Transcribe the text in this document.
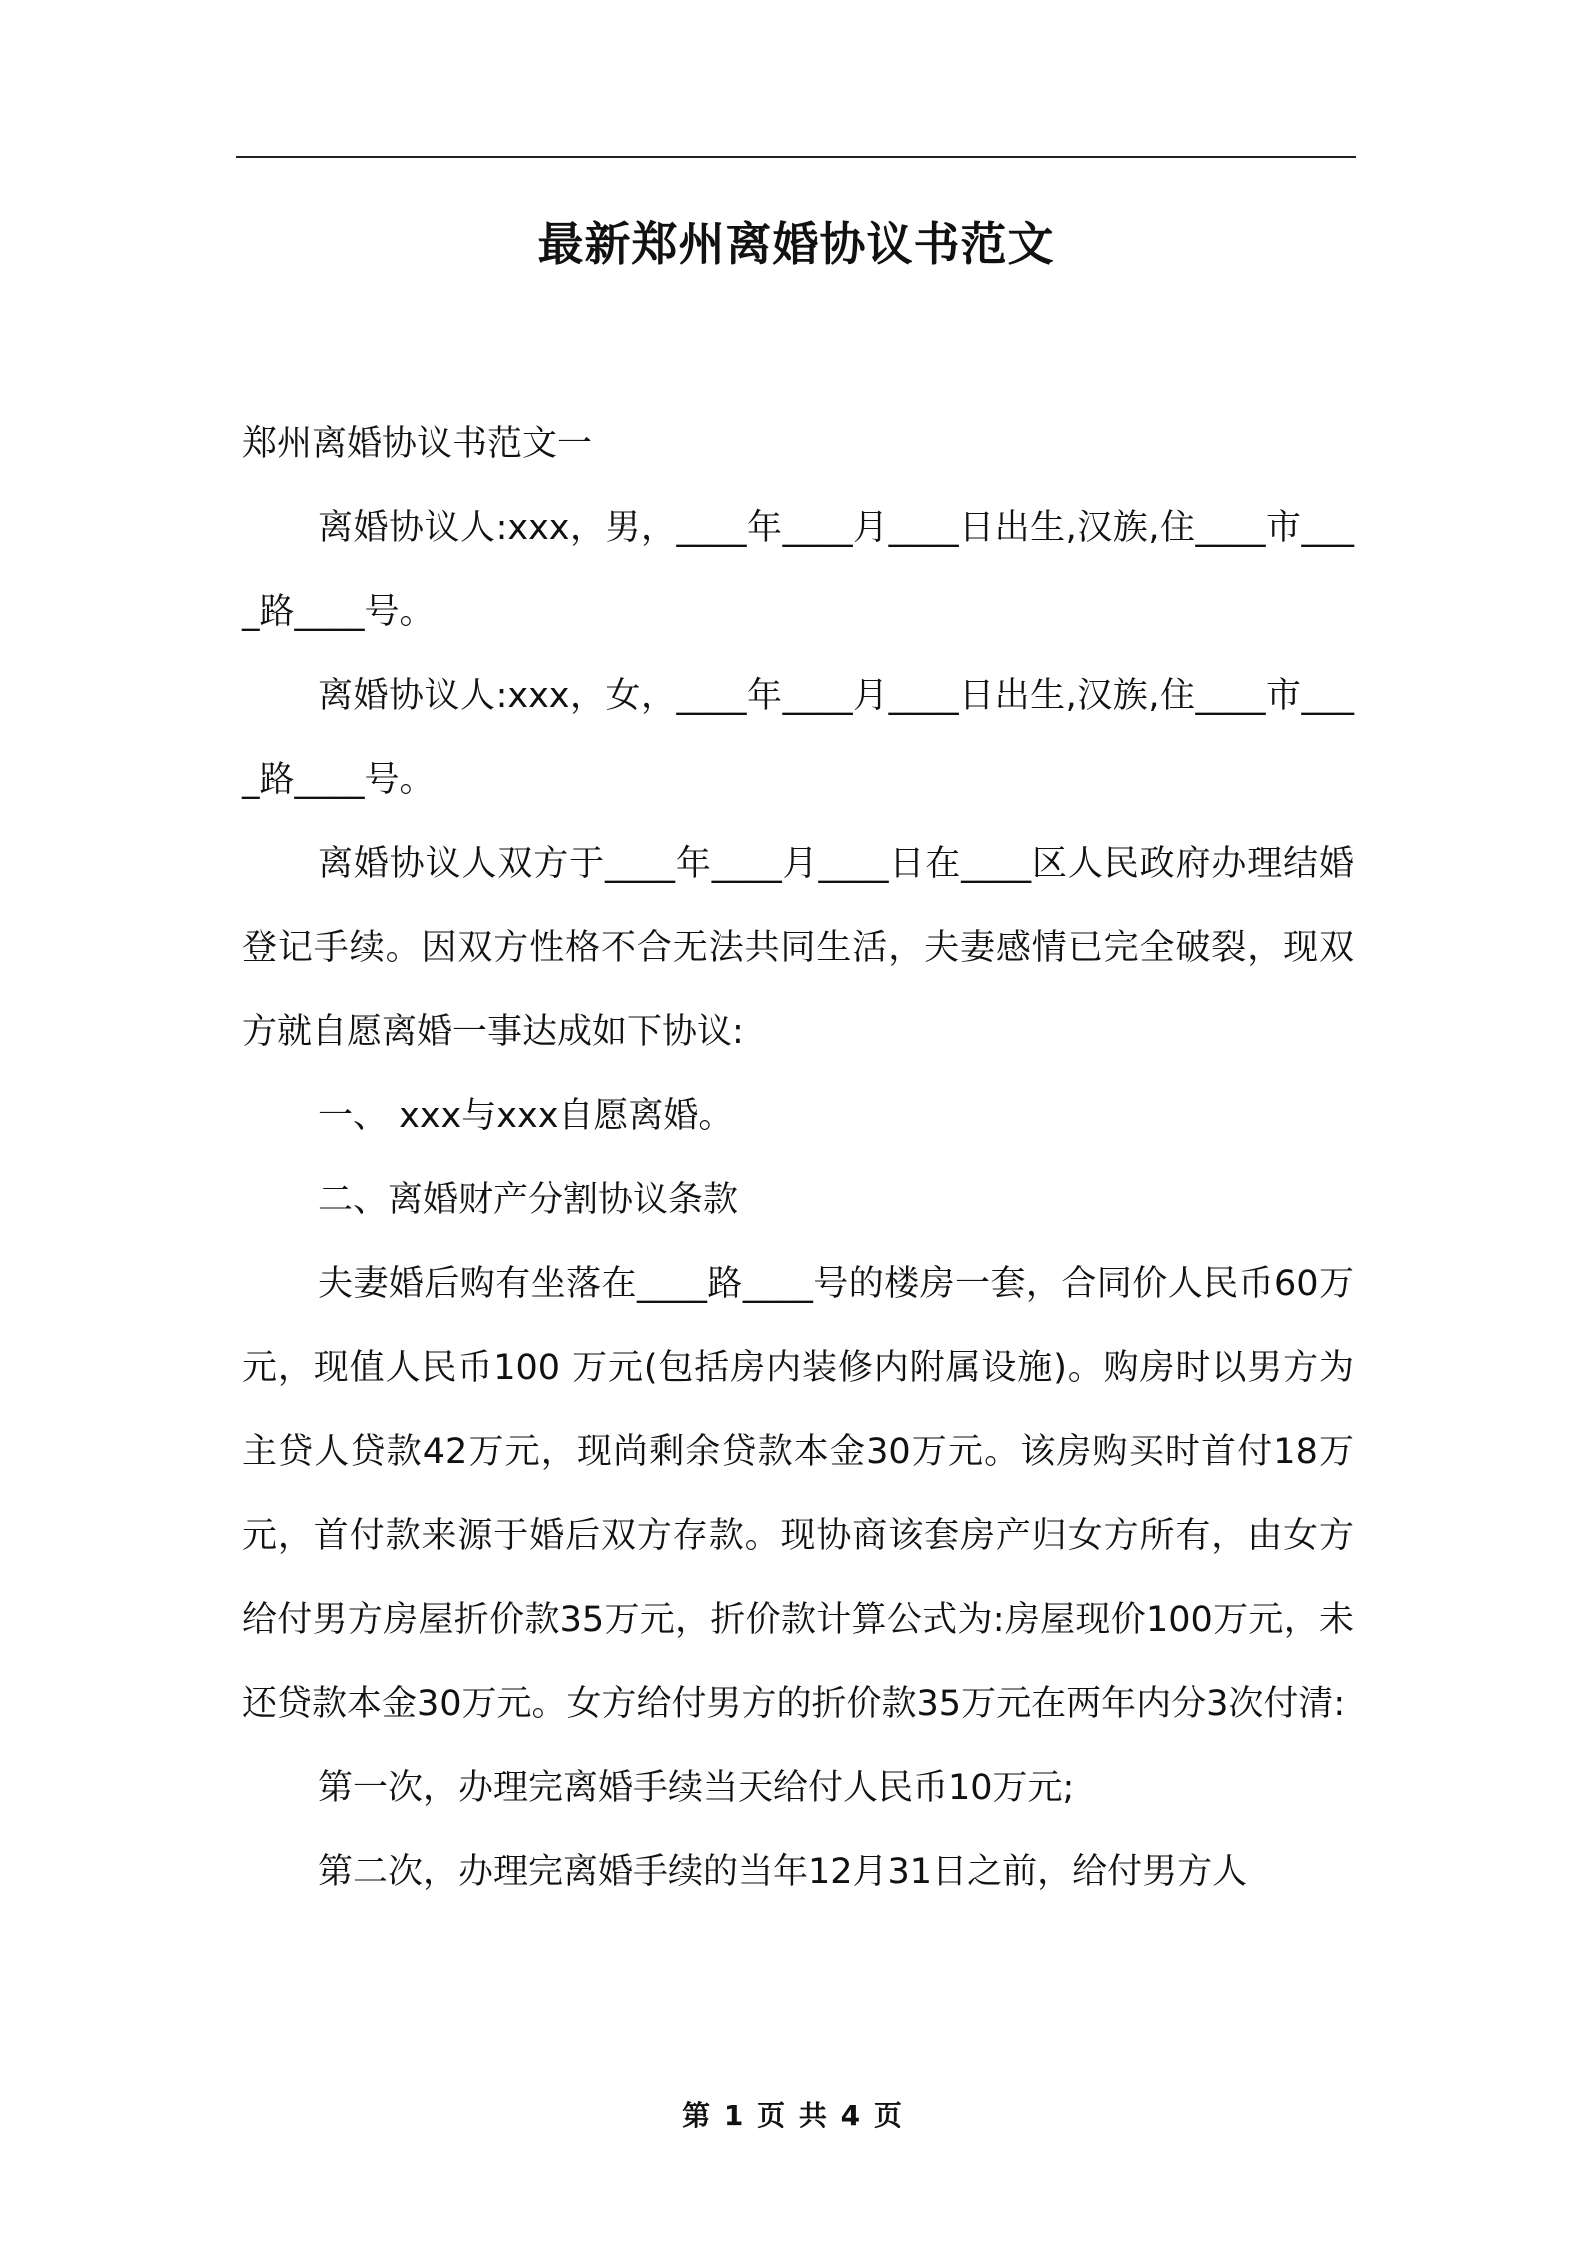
最新郑州离婚协议书范文

郑州离婚协议书范文一

离婚协议人:xxx，男，____年____月____日出生,汉族,住____市____路____号。

离婚协议人:xxx，女，____年____月____日出生,汉族,住____市____路____号。

离婚协议人双方于____年____月____日在____区人民政府办理结婚登记手续。因双方性格不合无法共同生活，夫妻感情已完全破裂，现双方就自愿离婚一事达成如下协议:

一、 xxx与xxx自愿离婚。

二、离婚财产分割协议条款

夫妻婚后购有坐落在____路____号的楼房一套，合同价人民币60万元，现值人民币100 万元(包括房内装修内附属设施)。购房时以男方为主贷人贷款42万元，现尚剩余贷款本金30万元。该房购买时首付18万元，首付款来源于婚后双方存款。现协商该套房产归女方所有，由女方给付男方房屋折价款35万元，折价款计算公式为:房屋现价100万元，未还贷款本金30万元。女方给付男方的折价款35万元在两年内分3次付清:

第一次，办理完离婚手续当天给付人民币10万元;

第二次，办理完离婚手续的当年12月31日之前，给付男方人

第 1 页 共 4 页
